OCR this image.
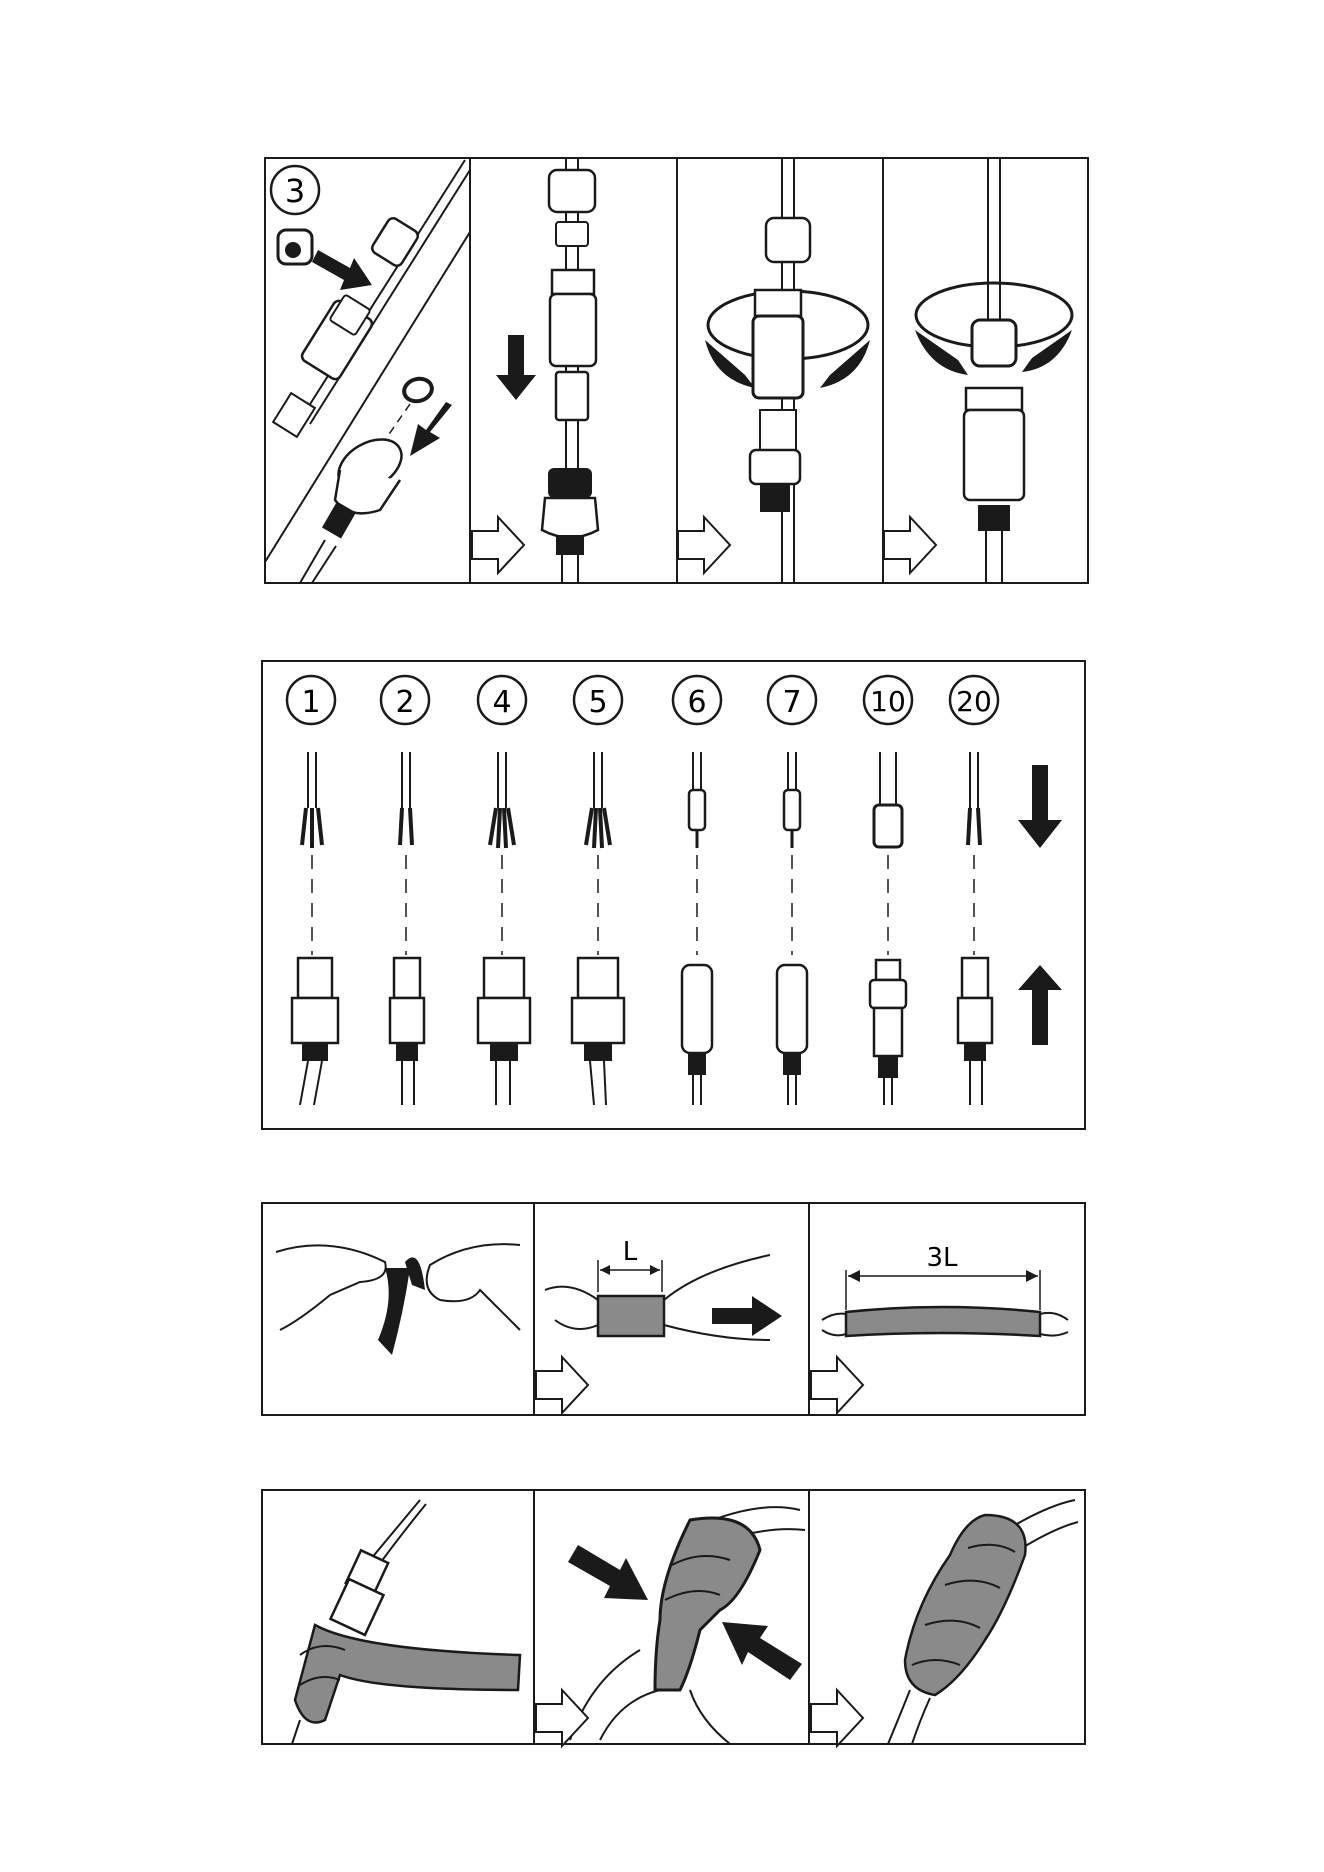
3
1 2	4	5	6	7 10 20
L	3L
